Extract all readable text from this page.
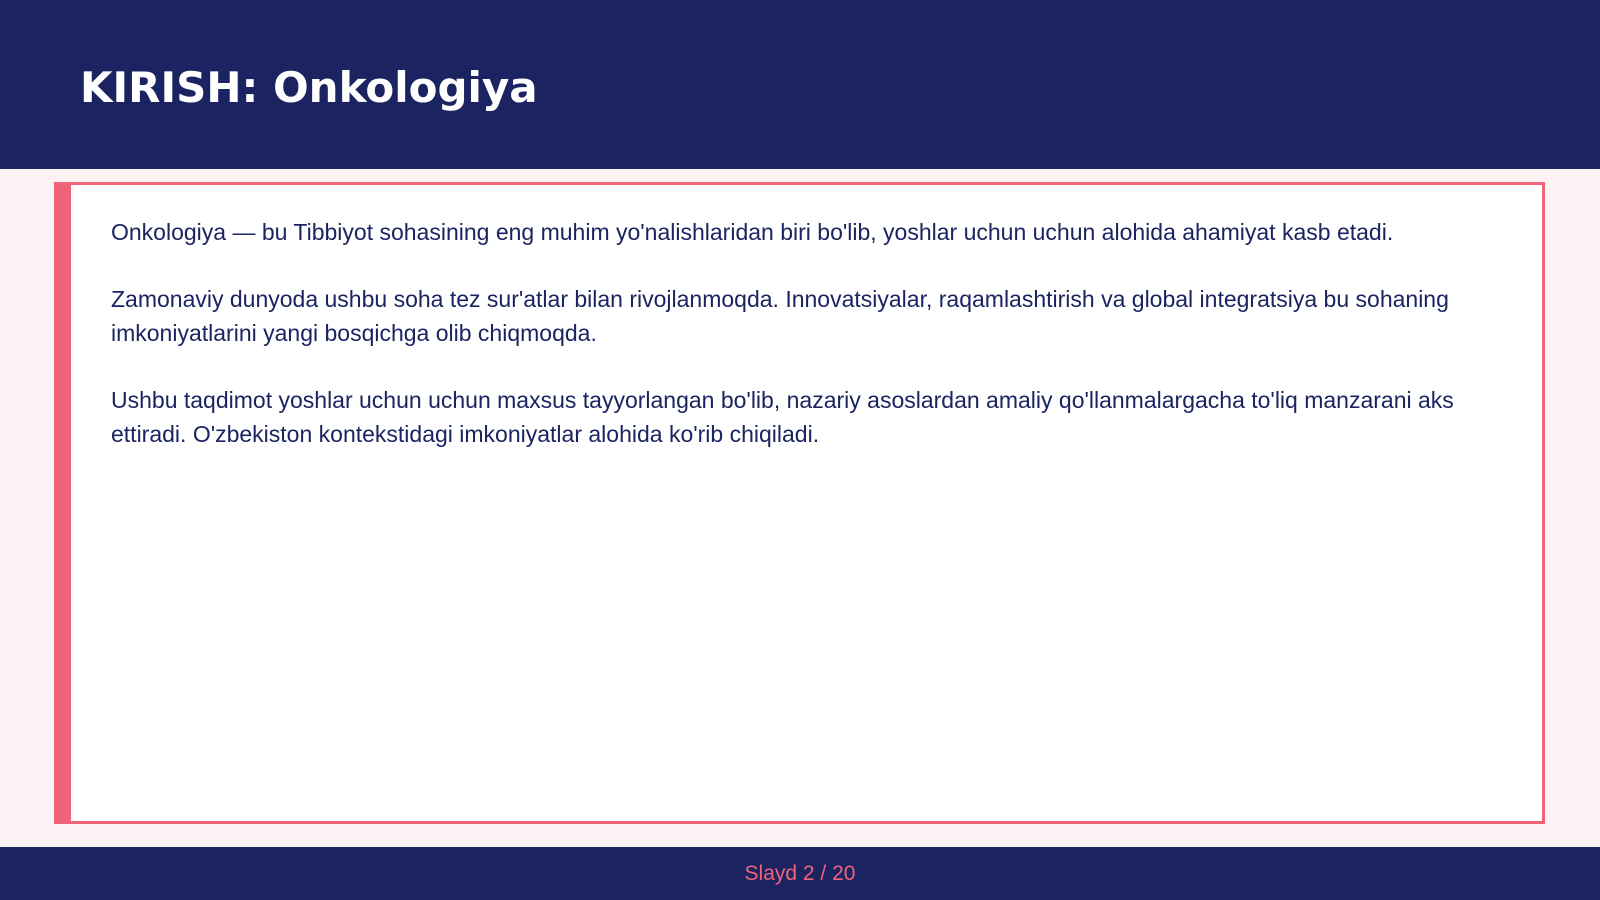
KIRISH: Onkologiya

Onkologiya — bu Tibbiyot sohasining eng muhim yo'nalishlaridan biri bo'lib, yoshlar uchun uchun alohida ahamiyat kasb etadi.

Zamonaviy dunyoda ushbu soha tez sur'atlar bilan rivojlanmoqda. Innovatsiyalar, raqamlashtirish va global integratsiya bu sohaning imkoniyatlarini yangi bosqichga olib chiqmoqda.

Ushbu taqdimot yoshlar uchun uchun maxsus tayyorlangan bo'lib, nazariy asoslardan amaliy qo'llanmalargacha to'liq manzarani aks ettiradi. O'zbekiston kontekstidagi imkoniyatlar alohida ko'rib chiqiladi.

Slayd 2 / 20
